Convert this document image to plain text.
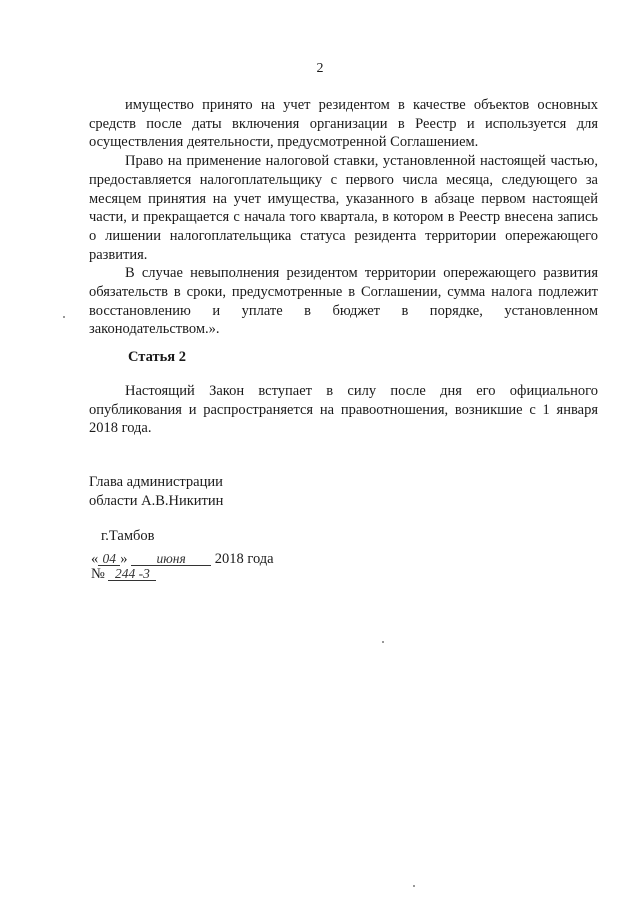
2

имущество принято на учет резидентом в качестве объектов основных средств после даты включения организации в Реестр и используется для осуществления деятельности, предусмотренной Соглашением.

Право на применение налоговой ставки, установленной настоящей частью, предоставляется налогоплательщику с первого числа месяца, следующего за месяцем принятия на учет имущества, указанного в абзаце первом настоящей части, и прекращается с начала того квартала, в котором в Реестр внесена запись о лишении налогоплательщика статуса резидента территории опережающего развития.

В случае невыполнения резидентом территории опережающего развития обязательств в сроки, предусмотренные в Соглашении, сумма налога подлежит восстановлению и уплате в бюджет в порядке, установленном законодательством.».

Статья 2

Настоящий Закон вступает в силу после дня его официального опубликования и распространяется на правоотношения, возникшие с 1 января 2018 года.

Глава администрации
области А.В.Никитин
г.Тамбов
« 04 » июня 2018 года
№ 244 -3
